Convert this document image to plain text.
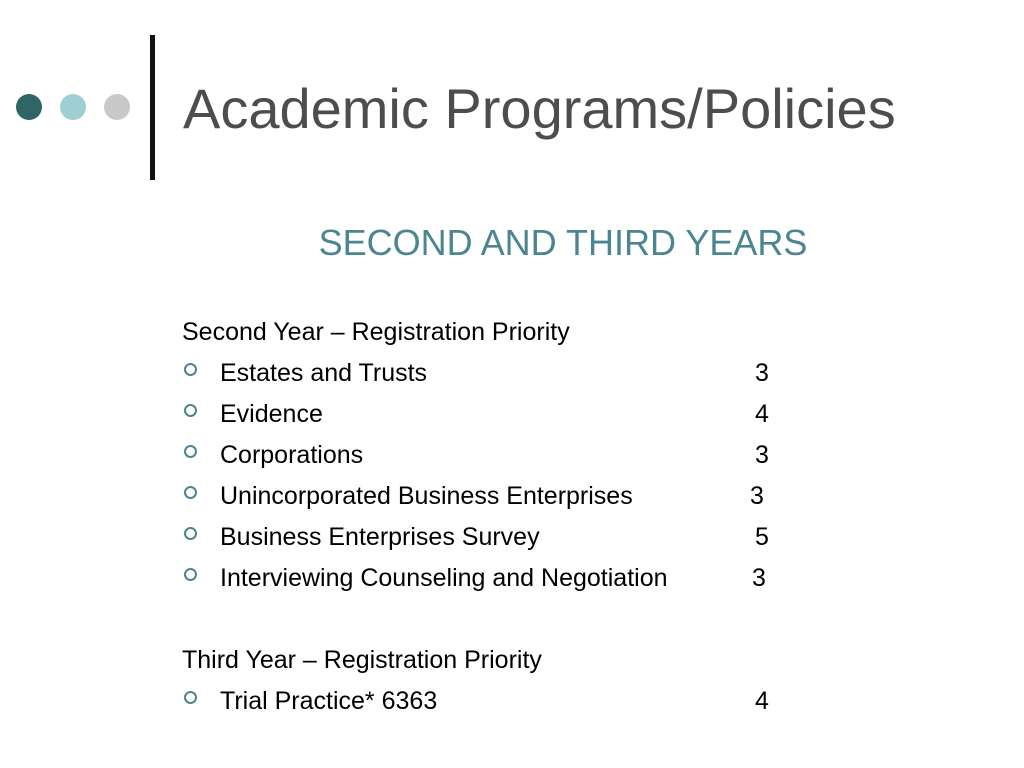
Academic Programs/Policies
SECOND AND THIRD YEARS

Second Year – Registration Priority

Estates and Trusts	3
Evidence	4
Corporations	3
Unincorporated Business Enterprises	3
Business Enterprises Survey	5
Interviewing Counseling and Negotiation	3

Third Year – Registration Priority

Trial Practice* 6363	4
